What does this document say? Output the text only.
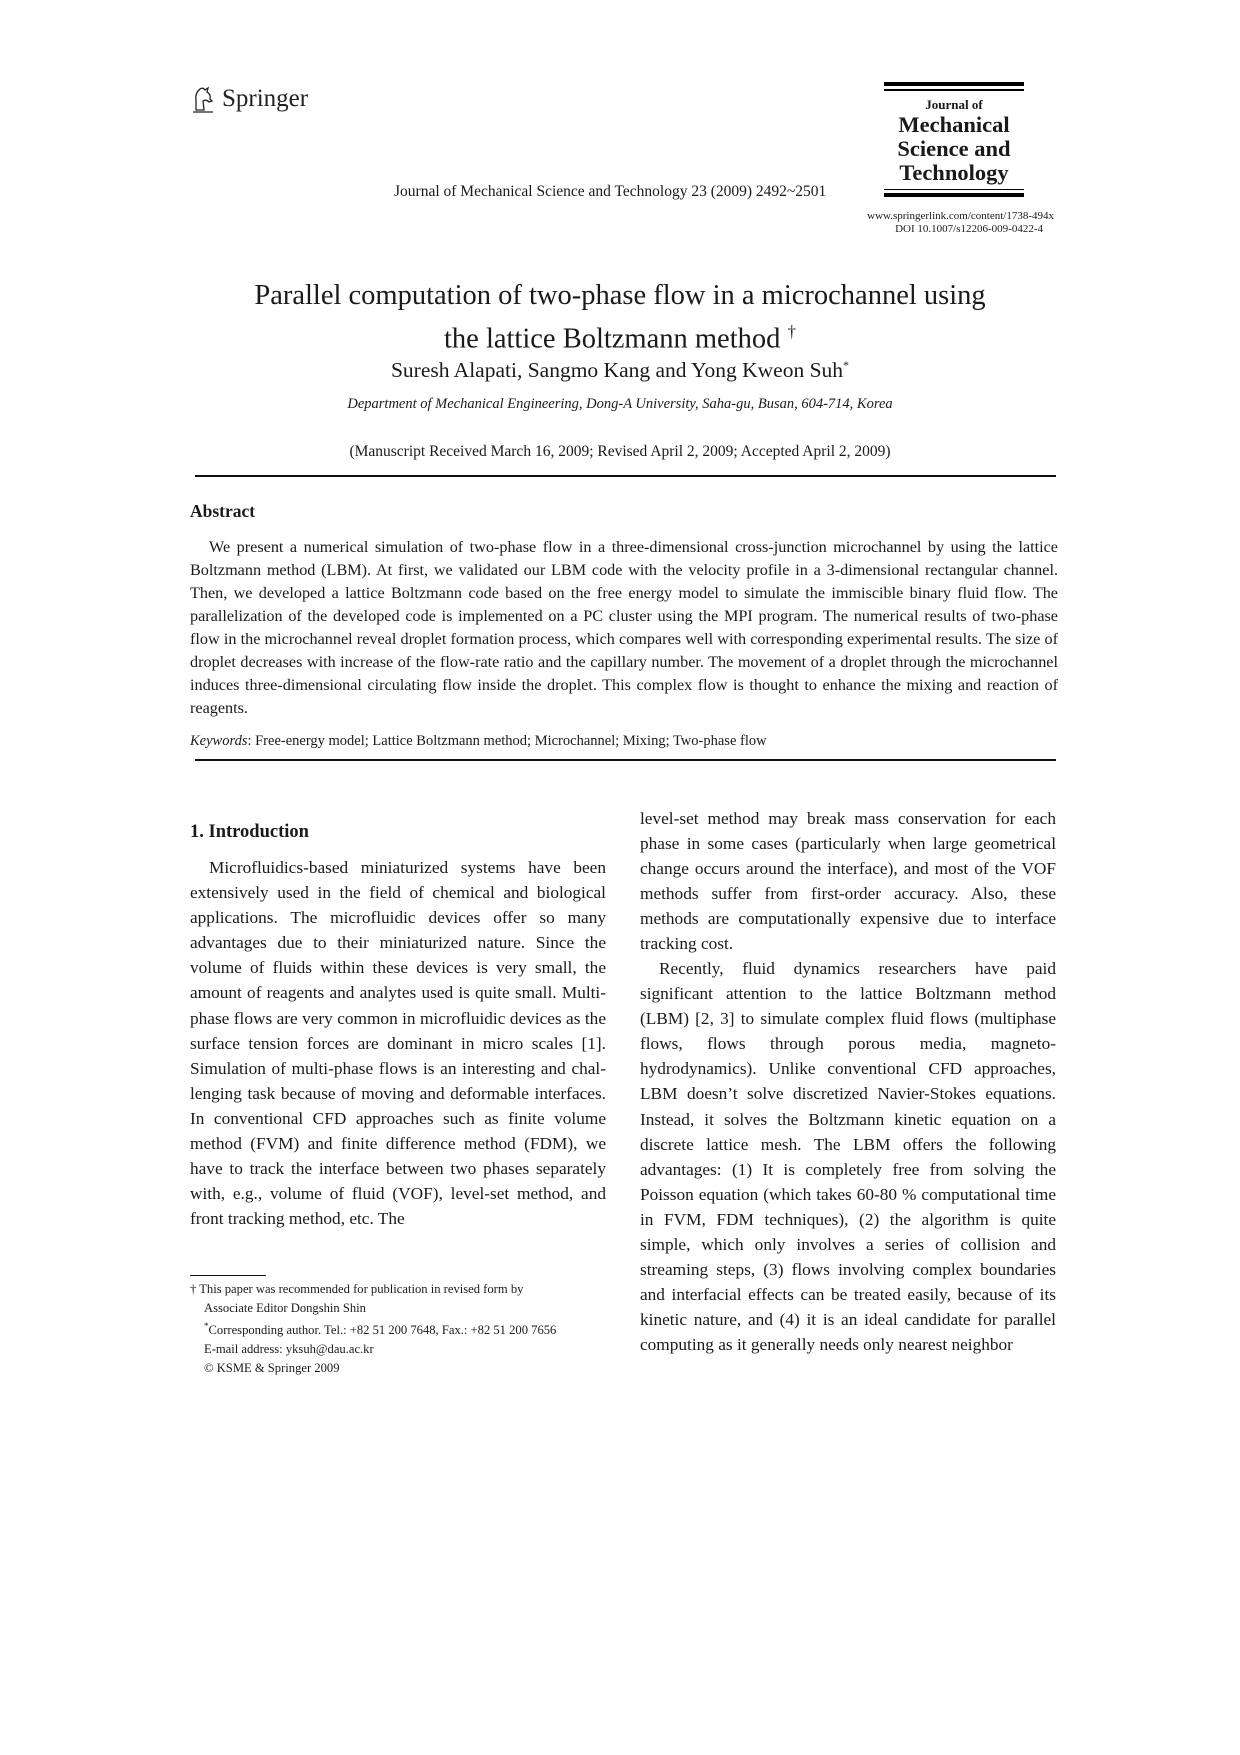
Springer
Journal of Mechanical Science and Technology 23 (2009) 2492~2501
Journal of
Mechanical
Science and
Technology
www.springerlink.com/content/1738-494x
DOI 10.1007/s12206-009-0422-4
Parallel computation of two-phase flow in a microchannel using
the lattice Boltzmann method †
Suresh Alapati, Sangmo Kang and Yong Kweon Suh*
Department of Mechanical Engineering, Dong-A University, Saha-gu, Busan, 604-714, Korea
(Manuscript Received March 16, 2009; Revised April 2, 2009; Accepted April 2, 2009)
Abstract

We present a numerical simulation of two-phase flow in a three-dimensional cross-junction microchannel by using the lattice Boltzmann method (LBM). At first, we validated our LBM code with the velocity profile in a 3-dimensional rectangular channel. Then, we developed a lattice Boltzmann code based on the free energy model to simulate the immiscible binary fluid flow. The parallelization of the developed code is implemented on a PC cluster using the MPI program. The numerical results of two-phase flow in the microchannel reveal droplet formation process, which compares well with corresponding experimental results. The size of droplet decreases with increase of the flow-rate ratio and the capillary number. The movement of a droplet through the microchannel induces three-dimensional circulating flow inside the droplet. This complex flow is thought to enhance the mixing and reaction of reagents.

Keywords: Free-energy model; Lattice Boltzmann method; Microchannel; Mixing; Two-phase flow
1. Introduction

Microfluidics-based miniaturized systems have been extensively used in the field of chemical and biological applications. The microfluidic devices offer so many advantages due to their miniaturized nature. Since the volume of fluids within these devices is very small, the amount of reagents and analytes used is quite small. Multi-phase flows are very common in microfluidic devices as the surface tension forces are dominant in micro scales [1]. Simulation of multi-phase flows is an interesting and challenging task because of moving and deformable interfaces. In conventional CFD approaches such as finite volume method (FVM) and finite difference method (FDM), we have to track the interface between two phases separately with, e.g., volume of fluid (VOF), level-set method, and front tracking method, etc. The

level-set method may break mass conservation for each phase in some cases (particularly when large geometrical change occurs around the interface), and most of the VOF methods suffer from first-order accuracy. Also, these methods are computationally expensive due to interface tracking cost.

Recently, fluid dynamics researchers have paid significant attention to the lattice Boltzmann method (LBM) [2, 3] to simulate complex fluid flows (multiphase flows, flows through porous media, magneto-hydrodynamics). Unlike conventional CFD approaches, LBM doesn’t solve discretized Navier-Stokes equations. Instead, it solves the Boltzmann kinetic equation on a discrete lattice mesh. The LBM offers the following advantages: (1) It is completely free from solving the Poisson equation (which takes 60-80 % computational time in FVM, FDM techniques), (2) the algorithm is quite simple, which only involves a series of collision and streaming steps, (3) flows involving complex boundaries and interfacial effects can be treated easily, because of its kinetic nature, and (4) it is an ideal candidate for parallel computing as it generally needs only nearest neighbor

† This paper was recommended for publication in revised form by
Associate Editor Dongshin Shin
*Corresponding author. Tel.: +82 51 200 7648, Fax.: +82 51 200 7656
E-mail address: yksuh@dau.ac.kr
© KSME & Springer 2009
